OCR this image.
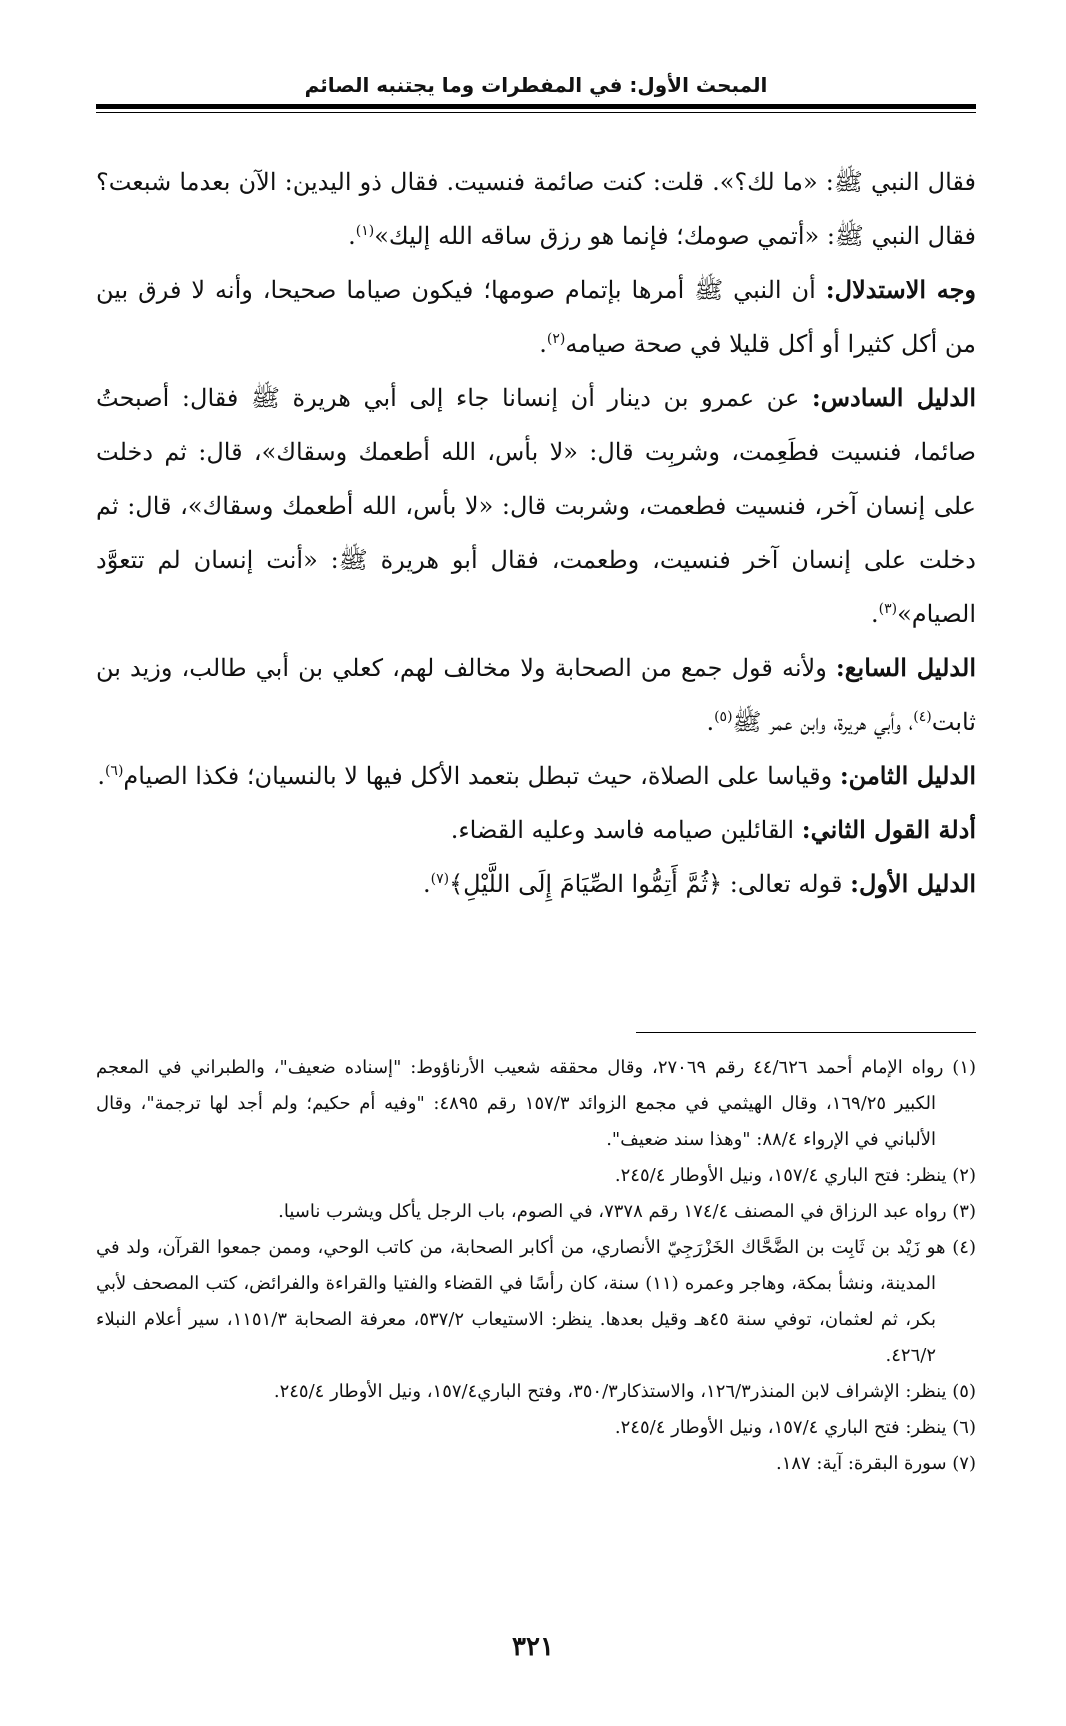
المبحث الأول: في المفطرات وما يجتنبه الصائم

فقال النبي ﷺ: «ما لك؟». قلت: كنت صائمة فنسيت. فقال ذو اليدين: الآن بعدما شبعت؟ فقال النبي ﷺ: «أتمي صومك؛ فإنما هو رزق ساقه الله إليك»$^{(١)}$.

وجه الاستدلال: أن النبي ﷺ أمرها بإتمام صومها؛ فيكون صياما صحيحا، وأنه لا فرق بين من أكل كثيرا أو أكل قليلا في صحة صيامه$^{(٢)}$.

الدليل السادس: عن عمرو بن دينار أن إنسانا جاء إلى أبي هريرة ﷺ فقال: أصبحتُ صائما، فنسيت فطَعِمت، وشربِت قال: «لا بأس، الله أطعمك وسقاك»، قال: ثم دخلت على إنسان آخر، فنسيت فطعمت، وشربت قال: «لا بأس، الله أطعمك وسقاك»، قال: ثم دخلت على إنسان آخر فنسيت، وطعمت، فقال أبو هريرة ﷺ: «أنت إنسان لم تتعوَّد الصيام»$^{(٣)}$.

الدليل السابع: ولأنه قول جمع من الصحابة ولا مخالف لهم، كعلي بن أبي طالب، وزيد بن ثابت$^{(٤)}$، وأبي هريرة، وابن عمر ﷺ$^{(٥)}$.

الدليل الثامن: وقياسا على الصلاة، حيث تبطل بتعمد الأكل فيها لا بالنسيان؛ فكذا الصيام$^{(٦)}$.

أدلة القول الثاني: القائلين صيامه فاسد وعليه القضاء.

الدليل الأول: قوله تعالى: ﴿ثُمَّ أَتِمُّوا الصِّيَامَ إِلَى اللَّيْلِ﴾$^{(٧)}$.

(١) رواه الإمام أحمد ٤٤/٦٢٦ رقم ٢٧٠٦٩، وقال محققه شعيب الأرناؤوط: "إسناده ضعيف"، والطبراني في المعجم الكبير ١٦٩/٢٥، وقال الهيثمي في مجمع الزوائد ١٥٧/٣ رقم ٤٨٩٥: "وفيه أم حكيم؛ ولم أجد لها ترجمة"، وقال الألباني في الإرواء ٨٨/٤: "وهذا سند ضعيف".

(٢) ينظر: فتح الباري ١٥٧/٤، ونيل الأوطار ٢٤٥/٤.

(٣) رواه عبد الرزاق في المصنف ١٧٤/٤ رقم ٧٣٧٨، في الصوم، باب الرجل يأكل ويشرب ناسيا.

(٤) هو زَيْد بن ثَابِت بن الضَّحَّاك الخَزْرَجِيّ الأنصاري، من أكابر الصحابة، من كاتب الوحي، وممن جمعوا القرآن، ولد في المدينة، ونشأ بمكة، وهاجر وعمره (١١) سنة، كان رأسًا في القضاء والفتيا والقراءة والفرائض، كتب المصحف لأبي بكر، ثم لعثمان، توفي سنة ٤٥هـ وقيل بعدها. ينظر: الاستيعاب ٥٣٧/٢، معرفة الصحابة ١١٥١/٣، سير أعلام النبلاء ٤٢٦/٢.

(٥) ينظر: الإشراف لابن المنذر١٢٦/٣، والاستذكار٣٥٠/٣، وفتح الباري١٥٧/٤، ونيل الأوطار ٢٤٥/٤.

(٦) ينظر: فتح الباري ١٥٧/٤، ونيل الأوطار ٢٤٥/٤.

(٧) سورة البقرة: آية: ١٨٧.

٣٢١
